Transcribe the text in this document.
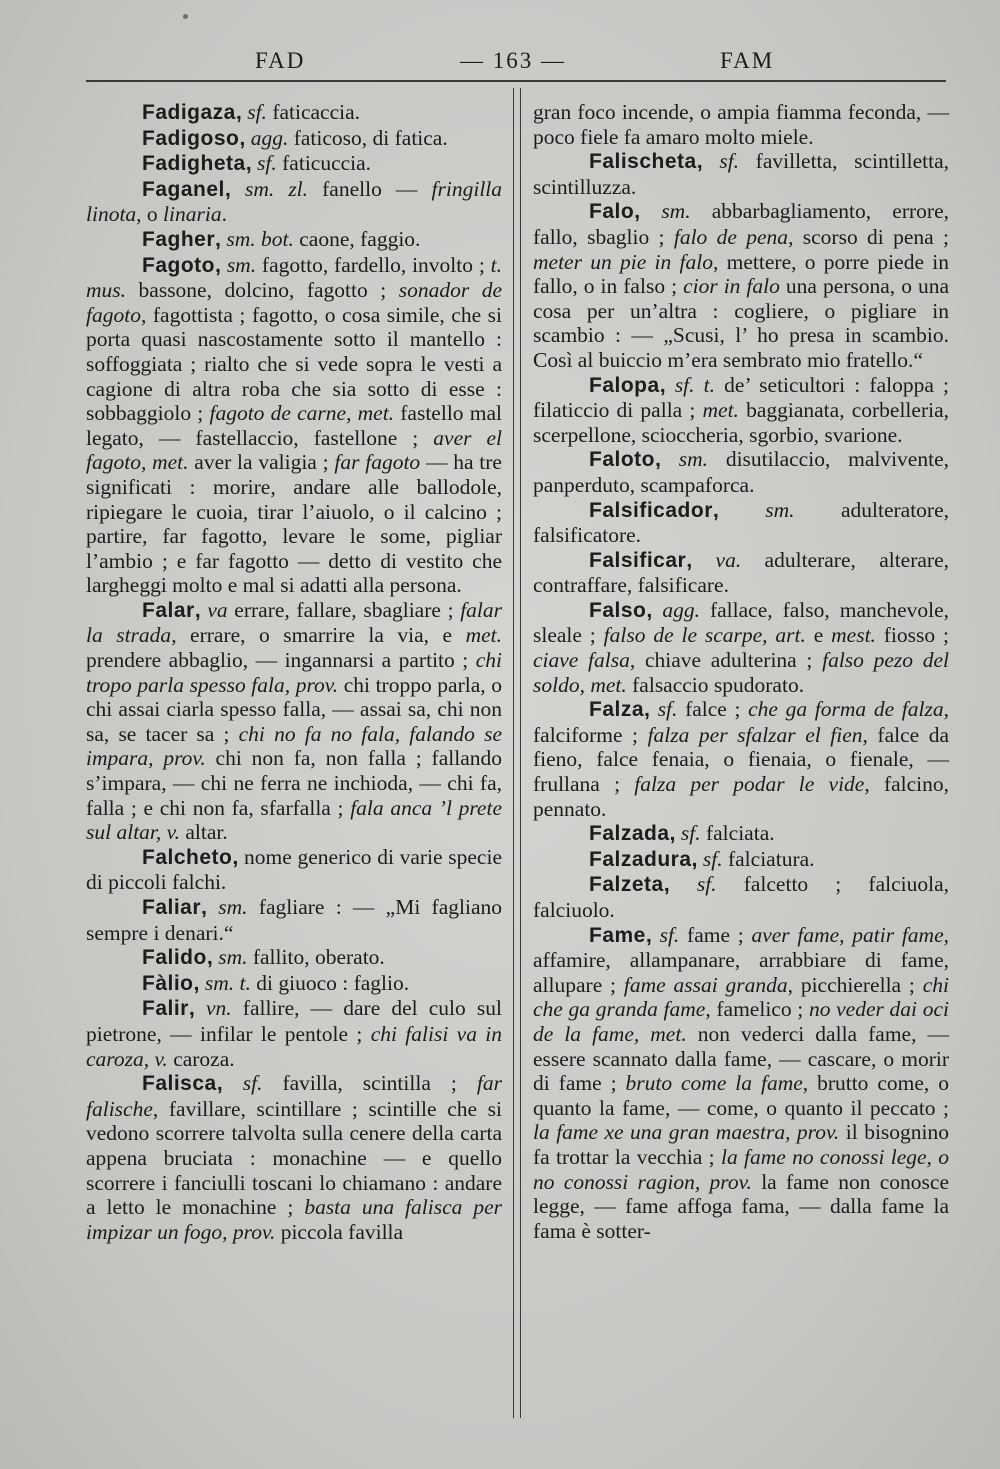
FAD	— 163 —	FAM

Fadigaza, sf. faticaccia.

Fadigoso, agg. faticoso, di fatica.

Fadigheta, sf. faticuccia.

Faganel, sm. zl. fanello — fringilla linota, o linaria.

Fagher, sm. bot. caone, faggio.

Fagoto, sm. fagotto, fardello, involto ; t. mus. bassone, dolcino, fagotto ; sonador de fagoto, fagottista ; fagotto, o cosa simile, che si porta quasi nascostamente sotto il mantello : soffoggiata ; rialto che si vede sopra le vesti a cagione di altra roba che sia sotto di esse : sobbaggiolo ; fagoto de carne, met. fastello mal legato, — fastellaccio, fastellone ; aver el fagoto, met. aver la valigia ; far fagoto — ha tre significati : morire, andare alle ballodole, ripiegare le cuoia, tirar l’aiuolo, o il calcino ; partire, far fagotto, levare le some, pigliar l’ambio ; e far fagotto — detto di vestito che largheggi molto e mal si adatti alla persona.

Falar, va errare, fallare, sbagliare ; falar la strada, errare, o smarrire la via, e met. prendere abbaglio, — ingannarsi a partito ; chi tropo parla spesso fala, prov. chi troppo parla, o chi assai ciarla spesso falla, — assai sa, chi non sa, se tacer sa ; chi no fa no fala, falando se impara, prov. chi non fa, non falla ; fallando s’impara, — chi ne ferra ne inchioda, — chi fa, falla ; e chi non fa, sfarfalla ; fala anca ’l prete sul altar, v. altar.

Falcheto, nome generico di varie specie di piccoli falchi.

Faliar, sm. fagliare : — „Mi fagliano sempre i denari.“

Falido, sm. fallito, oberato.

Fàlio, sm. t. di giuoco : faglio.

Falir, vn. fallire, — dare del culo sul pietrone, — infilar le pentole ; chi falisi va in caroza, v. caroza.

Falisca, sf. favilla, scintilla ; far falische, favillare, scintillare ; scintille che si vedono scorrere talvolta sulla cenere della carta appena bruciata : monachine — e quello scorrere i fanciulli toscani lo chiamano : andare a letto le monachine ; basta una falisca per impizar un fogo, prov. piccola favilla

gran foco incende, o ampia fiamma feconda, — poco fiele fa amaro molto miele.

Falischeta, sf. favilletta, scintilletta, scintilluzza.

Falo, sm. abbarbagliamento, errore, fallo, sbaglio ; falo de pena, scorso di pena ; meter un pie in falo, mettere, o porre piede in fallo, o in falso ; cior in falo una persona, o una cosa per un’altra : cogliere, o pigliare in scambio : — „Scusi, l’ ho presa in scambio. Così al buiccio m’era sembrato mio fratello.“

Falopa, sf. t. de’ seticultori : faloppa ; filaticcio di palla ; met. baggianata, corbelleria, scerpellone, scioccheria, sgorbio, svarione.

Faloto, sm. disutilaccio, malvivente, panperduto, scampaforca.

Falsificador, sm. adulteratore, falsificatore.

Falsificar, va. adulterare, alterare, contraffare, falsificare.

Falso, agg. fallace, falso, manchevole, sleale ; falso de le scarpe, art. e mest. fiosso ; ciave falsa, chiave adulterina ; falso pezo del soldo, met. falsaccio spudorato.

Falza, sf. falce ; che ga forma de falza, falciforme ; falza per sfalzar el fien, falce da fieno, falce fenaia, o fienaia, o fienale, — frullana ; falza per podar le vide, falcino, pennato.

Falzada, sf. falciata.

Falzadura, sf. falciatura.

Falzeta, sf. falcetto ; falciuola, falciuolo.

Fame, sf. fame ; aver fame, patir fame, affamire, allampanare, arrabbiare di fame, allupare ; fame assai granda, picchierella ; chi che ga granda fame, famelico ; no veder dai oci de la fame, met. non vederci dalla fame, — essere scannato dalla fame, — cascare, o morir di fame ; bruto come la fame, brutto come, o quanto la fame, — come, o quanto il peccato ; la fame xe una gran maestra, prov. il bisognino fa trottar la vecchia ; la fame no conossi lege, o no conossi ragion, prov. la fame non conosce legge, — fame affoga fama, — dalla fame la fama è sotter-
